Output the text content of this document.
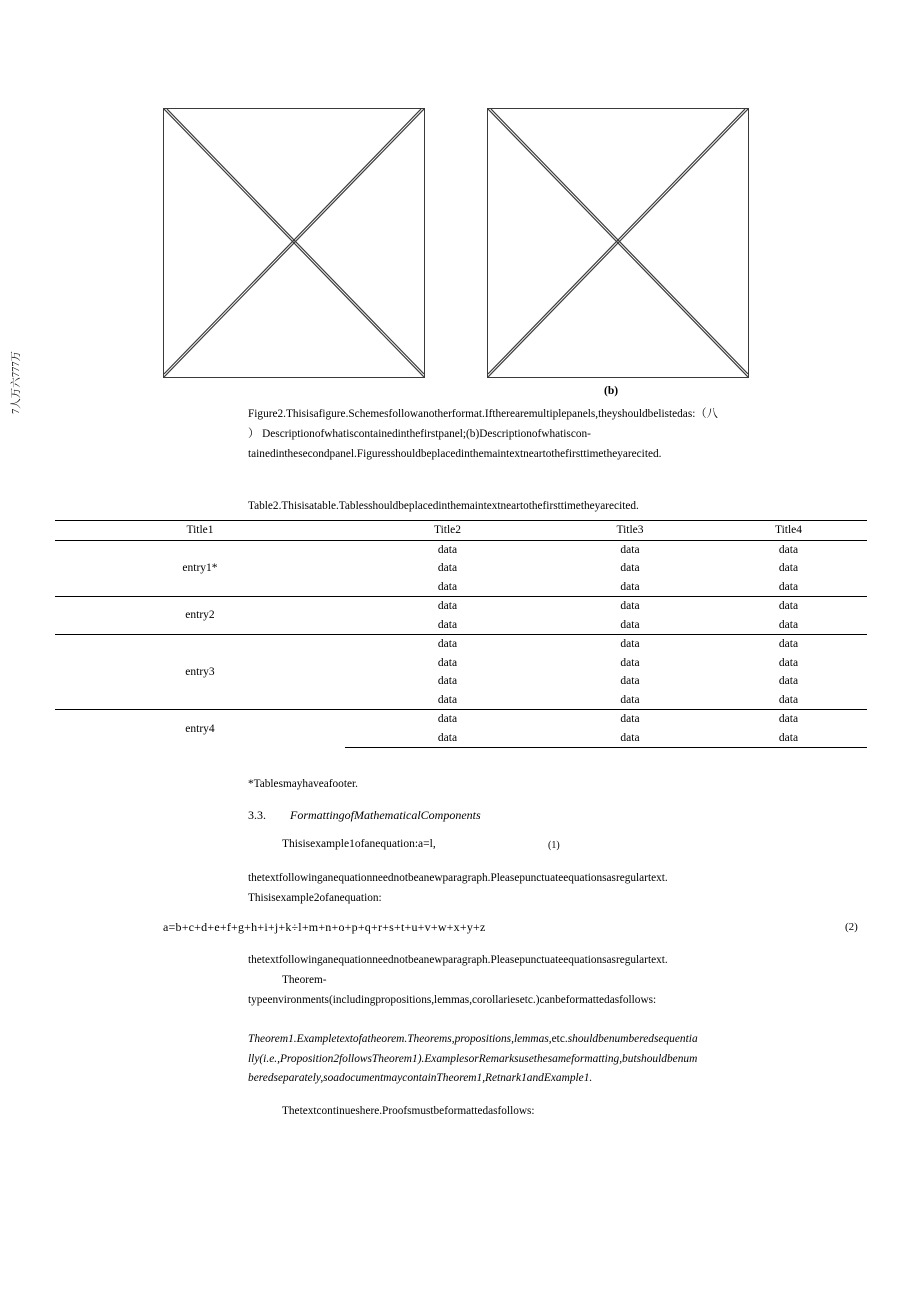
(b)
Figure2.Thisisafigure.Schemesfollowanotherformat.Iftherearemultiplepanels,theyshouldbelistedas:（八
） Descriptionofwhatiscontainedinthefirstpanel;(b)Descriptionofwhatiscon-
tainedinthesecondpanel.Figuresshouldbeplacedinthemaintextneartothefirsttimetheyarecited.
7人万六777万
Table2.Thisisatable.Tablesshouldbeplacedinthemaintextneartothefirsttimetheyarecited.
Title1	Title2	Title3	Title4
entry1*	data	data	data
	data	data	data
	data	data	data
entry2	data	data	data
	data	data	data
entry3	data	data	data
	data	data	data
	data	data	data
	data	data	data
entry4	data	data	data
	data	data	data
*Tablesmayhaveafooter.
3.3. FormattingofMathematicalComponents
Thisisexample1ofanequation:a=l,	(1)
thetextfollowinganequationneednotbeanewparagraph.Pleasepunctuateequationsasregulartext.
Thisisexample2ofanequation:
a=b+c+d+e+f+g+h+i+j+k÷l+m+n+o+p+q+r+s+t+u+v+w+x+y+z	(2)
thetextfollowinganequationneednotbeanewparagraph.Pleasepunctuateequationsasregulartext.
Theorem-
typeenvironments(includingpropositions,lemmas,corollariesetc.)canbeformattedasfollows:
Theorem1.Exampletextofatheorem.Theorems,propositions,lemmas,etc.shouldbenumberedsequentia
lly(i.e.,Proposition2followsTheorem1).ExamplesorRemarksusethesameformatting,butshouldbenum
beredseparately,soadocumentmaycontainTheorem1,Retnark1andExample1.
Thetextcontinueshere.Proofsmustbeformattedasfollows:
